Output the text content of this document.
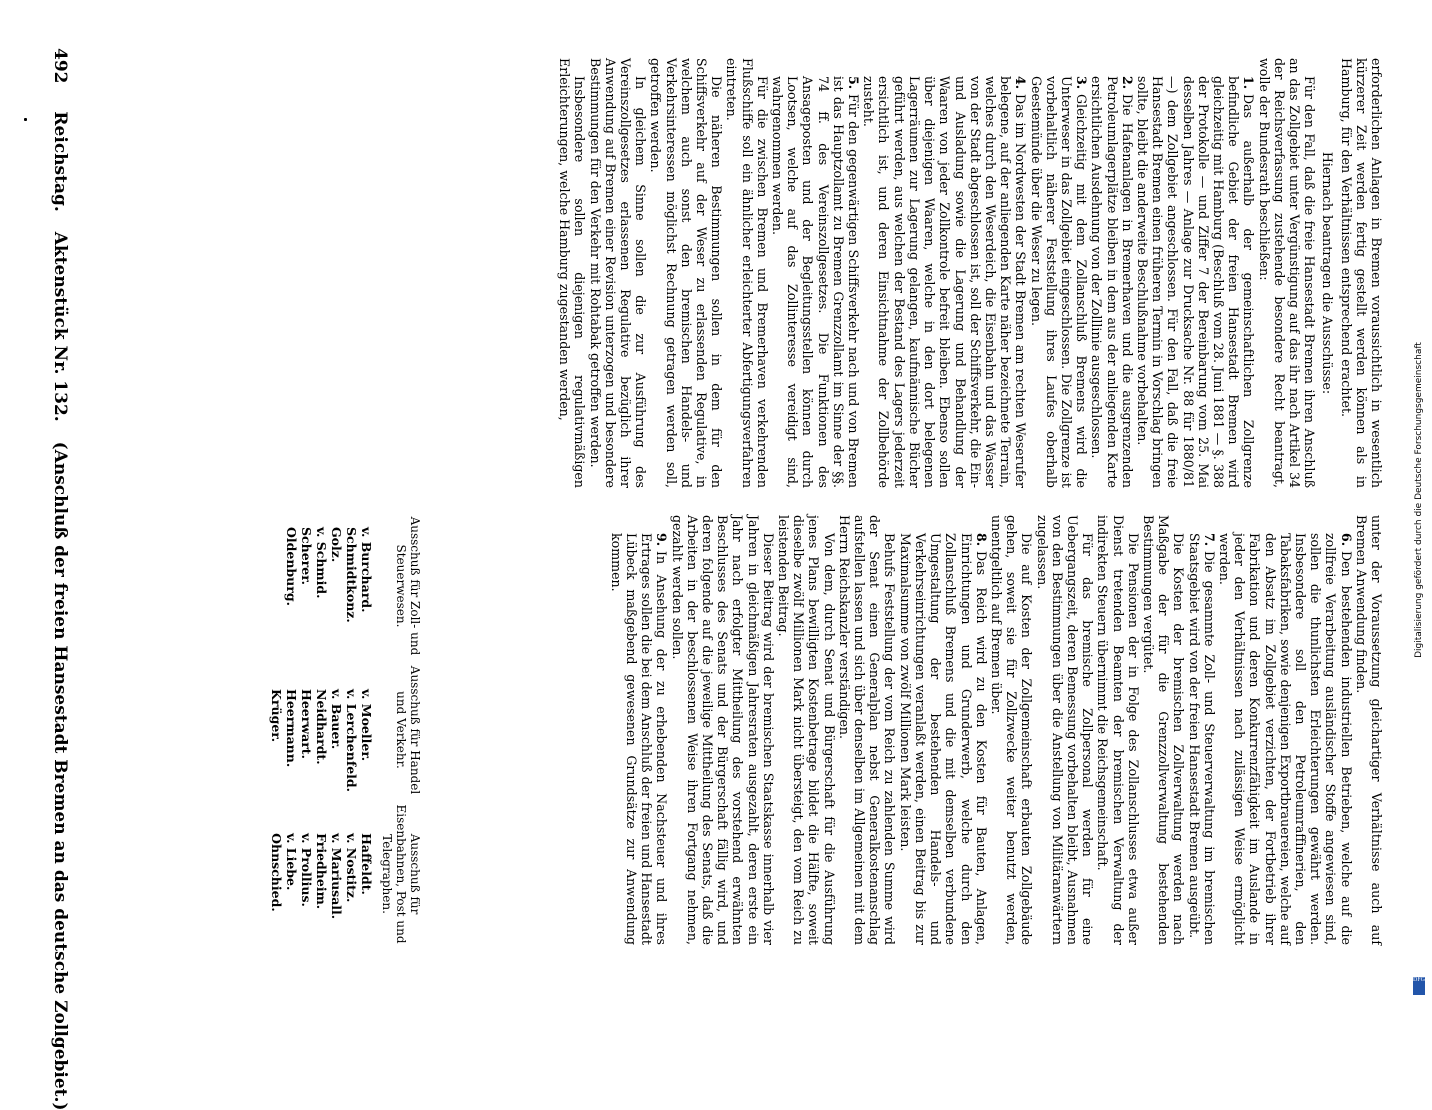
492 Reichstag. Aktenstück Nr. 132. (Anschluß der freien Hansestadt Bremen an das deutsche Zollgebiet.)

erforderlichen Anlagen in Bremen voraussichtlich in wesentlich kürzerer Zeit werden fertig gestellt werden können als in Hamburg, für den Verhältnissen entsprechend erachtet.

Hiernach beantragen die Ausschüsse:

Für den Fall, daß die freie Hansestadt Bremen ihren Anschluß an das Zollgebiet unter Vergünstigung auf das ihr nach Artikel 34 der Reichsverfassung zustehende besondere Recht beantragt, wolle der Bundesrath beschließen:

1.
Das außerhalb der gemeinschaftlichen Zollgrenze befindliche Gebiet der freien Hansestadt Bremen wird gleichzeitig mit Hamburg (Beschluß vom 28. Juni 1881 — §. 388 der Protokolle — und Ziffer 7 der Bereinbarung vom 25. Mai desselben Jahres — Anlage zur Drucksache Nr. 88 für 1880/81 —) dem Zollgebiet angeschlossen. Für den Fall, daß die freie Hansestadt Bremen einen früheren Termin in Vorschlag bringen sollte, bleibt die anderweite Beschlußnahme vorbehalten.

2.
Die Hafenanlagen in Bremerhaven und die ausgrenzenden Petroleumlagerplätze bleiben in dem aus der anliegenden Karte ersichtlichen Ausdehnung von der Zolllinie ausgeschlossen.

3.
Gleichzeitig mit dem Zollanschluß Bremens wird die Unterweser in das Zollgebiet eingeschlossen. Die Zollgrenze ist vorbehaltlich näherer Feststellung ihres Laufes oberhalb Geestemünde über die Weser zu legen.

4.
Das im Nordwesten der Stadt Bremen am rechten Weserufer belegene, auf der anliegenden Karte näher bezeichnete Terrain, welches durch den Weserdeich, die Eisenbahn und das Wasser von der Stadt abgeschlossen ist, soll der Schiffsverkehr, die Ein- und Ausladung sowie die Lagerung und Behandlung der Waaren von jeder Zollkontrole befreit bleiben. Ebenso sollen über diejenigen Waaren, welche in den dort belegenen Lagerräumen zur Lagerung gelangen, kaufmännische Bücher geführt werden, aus welchen der Bestand des Lagers jederzeit ersichtlich ist, und deren Einsichtnahme der Zollbehörde zusteht.

5.
Für den gegenwärtigen Schiffsverkehr nach und von Bremen ist das Hauptzollamt zu Bremen Grenzzollamt im Sinne der §§. 74 ff. des Vereinszollgesetzes. Die Funktionen des Ansageposten und der Begleitungsstellen können durch Lootsen, welche auf das Zollinteresse vereidigt sind, wahrgenommen werden.

Für die zwischen Bremen und Bremerhaven verkehrenden Flußschiffe soll ein ähnlicher erleichterter Abfertigungsverfahren eintreten.

Die näheren Bestimmungen sollen in dem für den Schiffsverkehr auf der Weser zu erlassenden Regulative, in welchem auch sonst den bremischen Handels- und Verkehrsinteressen möglichst Rechnung getragen werden soll, getroffen werden.

In gleichem Sinne sollen die zur Ausführung des Vereinszollgesetzes erlassenen Regulative bezüglich ihrer Anwendung auf Bremen einer Revision unterzogen und besondere Bestimmungen für den Verkehr mit Rohtabak getroffen werden.

Insbesondere sollen diejenigen regulativmäßigen Erleichterungen, welche Hamburg zugestanden werden,

unter der Voraussetzung gleichartiger Verhältnisse auch auf Bremen Anwendung finden.

6.
Den bestehenden industriellen Betrieben, welche auf die zollfreie Verarbeitung ausländischer Stoffe angewiesen sind, sollen die thunlichsten Erleichterungen gewährt werden. Insbesondere soll den Petroleumraffinerien, den Tabaksfabriken, sowie denjenigen Exportbrauereien, welche auf den Absatz im Zollgebiet verzichten, der Fortbetrieb ihrer Fabrikation und deren Konkurrenzfähigkeit im Auslande in jeder den Verhältnissen nach zulässigen Weise ermöglicht werden.

7.
Die gesammte Zoll- und Steuerverwaltung im bremischen Staatsgebiet wird von der freien Hansestadt Bremen ausgeübt.

Die Kosten der bremischen Zollverwaltung werden nach Maßgabe der für die Grenzzollverwaltung bestehenden Bestimmungen vergütet.

Die Pensionen der in Folge des Zollanschlusses etwa außer Dienst tretenden Beamten der bremischen Verwaltung der indirekten Steuern übernimmt die Reichsgemeinschaft.

Für das bremische Zollpersonal werden für eine Uebergangszeit, deren Bemessung vorbehalten bleibt, Ausnahmen von den Bestimmungen über die Anstellung von Militäranwärtern zugelassen.

Die auf Kosten der Zollgemeinschaft erbauten Zollgebäude gehen, soweit sie für Zollzwecke weiter benutzt werden, unentgeltlich auf Bremen über.

8.
Das Reich wird zu den Kosten für Bauten, Anlagen, Einrichtungen und Grunderwerb, welche durch den Zollanschluß Bremens und die mit demselben verbundene Umgestaltung der bestehenden Handels- und Verkehrseinrichtungen veranlaßt werden, einen Beitrag bis zur Maximalsumme von zwölf Millionen Mark leisten.

Behufs Feststellung der vom Reich zu zahlenden Summe wird der Senat einen Generalplan nebst Generalkostenanschlag aufstellen lassen und sich über denselben im Allgemeinen mit dem Herrn Reichskanzler verständigen.

Von dem, durch Senat und Bürgerschaft für die Ausführung jenes Plans bewilligten Kostenbetrage bildet die Hälfte, soweit dieselbe zwölf Millionen Mark nicht übersteigt, den vom Reich zu leistenden Beitrag.

Dieser Beitrag wird der bremischen Staatskasse innerhalb vier Jahren in gleichmäßigen Jahresraten ausgezahlt, deren erste ein Jahr nach erfolgter Mittheilung des vorstehend erwähnten Beschlusses des Senats und der Bürgerschaft fällig wird, und deren folgende auf die jeweilige Mittheilung des Senats, daß die Arbeiten in der beschlossenen Weise ihren Fortgang nehmen, gezahlt werden sollen.

9.
In Ansehung der zu erhebenden Nachsteuer und ihres Ertrages sollen die bei dem Anschluß der freien und Hansestadt Lübeck maßgebend gewesenen Grundsätze zur Anwendung kommen.

Ausschuß für Zoll- und Steuerwesen.
Ausschuß für Handel und Verkehr.
Ausschuß für Eisenbahnen, Post und Telegraphen.
v. Burchard.
Schmidtkonz.
Golz.
v. Schmid.
Scherer.
Oldenburg.
v. Moeller.
v. Lerchenfeld.
v. Bauer.
Neidhardt.
Heerwart.
Heermann.
Krüger.
Haffeldt.
v. Nostitz.
v. Mariusall.
Friedheim.
v. Prollius.
v. Liebe.
Ohnschied.
Digitalisierung gefördert durch die Deutsche Forschungsgemeinschaft
DFG
